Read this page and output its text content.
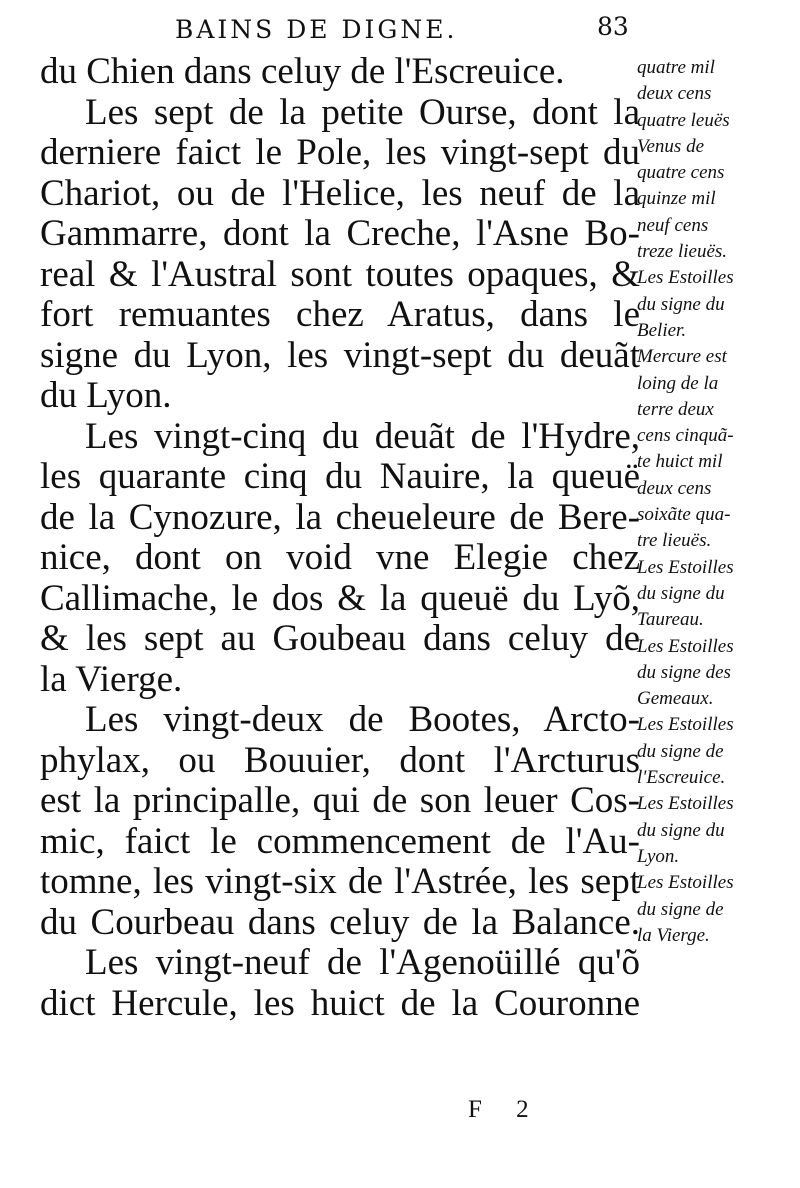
BAINS DE DIGNE.	83
du Chien dans celuy de l'Escreuice.
Les sept de la petite Ourse, dont la
derniere faict le Pole, les vingt-sept du
Chariot, ou de l'Helice, les neuf de la
Gammarre, dont la Creche, l'Asne Bo-
real & l'Austral sont toutes opaques, &
fort remuantes chez Aratus, dans le
signe du Lyon, les vingt-sept du deuãt
du Lyon.
Les vingt-cinq du deuãt de l'Hydre,
les quarante cinq du Nauire, la queuë
de la Cynozure, la cheueleure de Bere-
nice, dont on void vne Elegie chez
Callimache, le dos & la queuë du Lyõ,
& les sept au Goubeau dans celuy de
la Vierge.
Les vingt-deux de Bootes, Arcto-
phylax, ou Bouuier, dont l'Arcturus
est la principalle, qui de son leuer Cos-
mic, faict le commencement de l'Au-
tomne, les vingt-six de l'Astrée, les sept
du Courbeau dans celuy de la Balance.
Les vingt-neuf de l'Agenoüillé qu'õ
dict Hercule, les huict de la Couronne
quatre mil
deux cens
quatre leuës
Venus de
quatre cens
quinze mil
neuf cens
treze lieuës.
Les Estoilles
du signe du
Belier.
Mercure est
loing de la
terre deux
cens cinquã-
te huict mil
deux cens
soixãte qua-
tre lieuës.
Les Estoilles
du signe du
Taureau.
Les Estoilles
du signe des
Gemeaux.
Les Estoilles
du signe de
l'Escreuice.
Les Estoilles
du signe du
Lyon.
Les Estoilles
du signe de
la Vierge.
F 2
